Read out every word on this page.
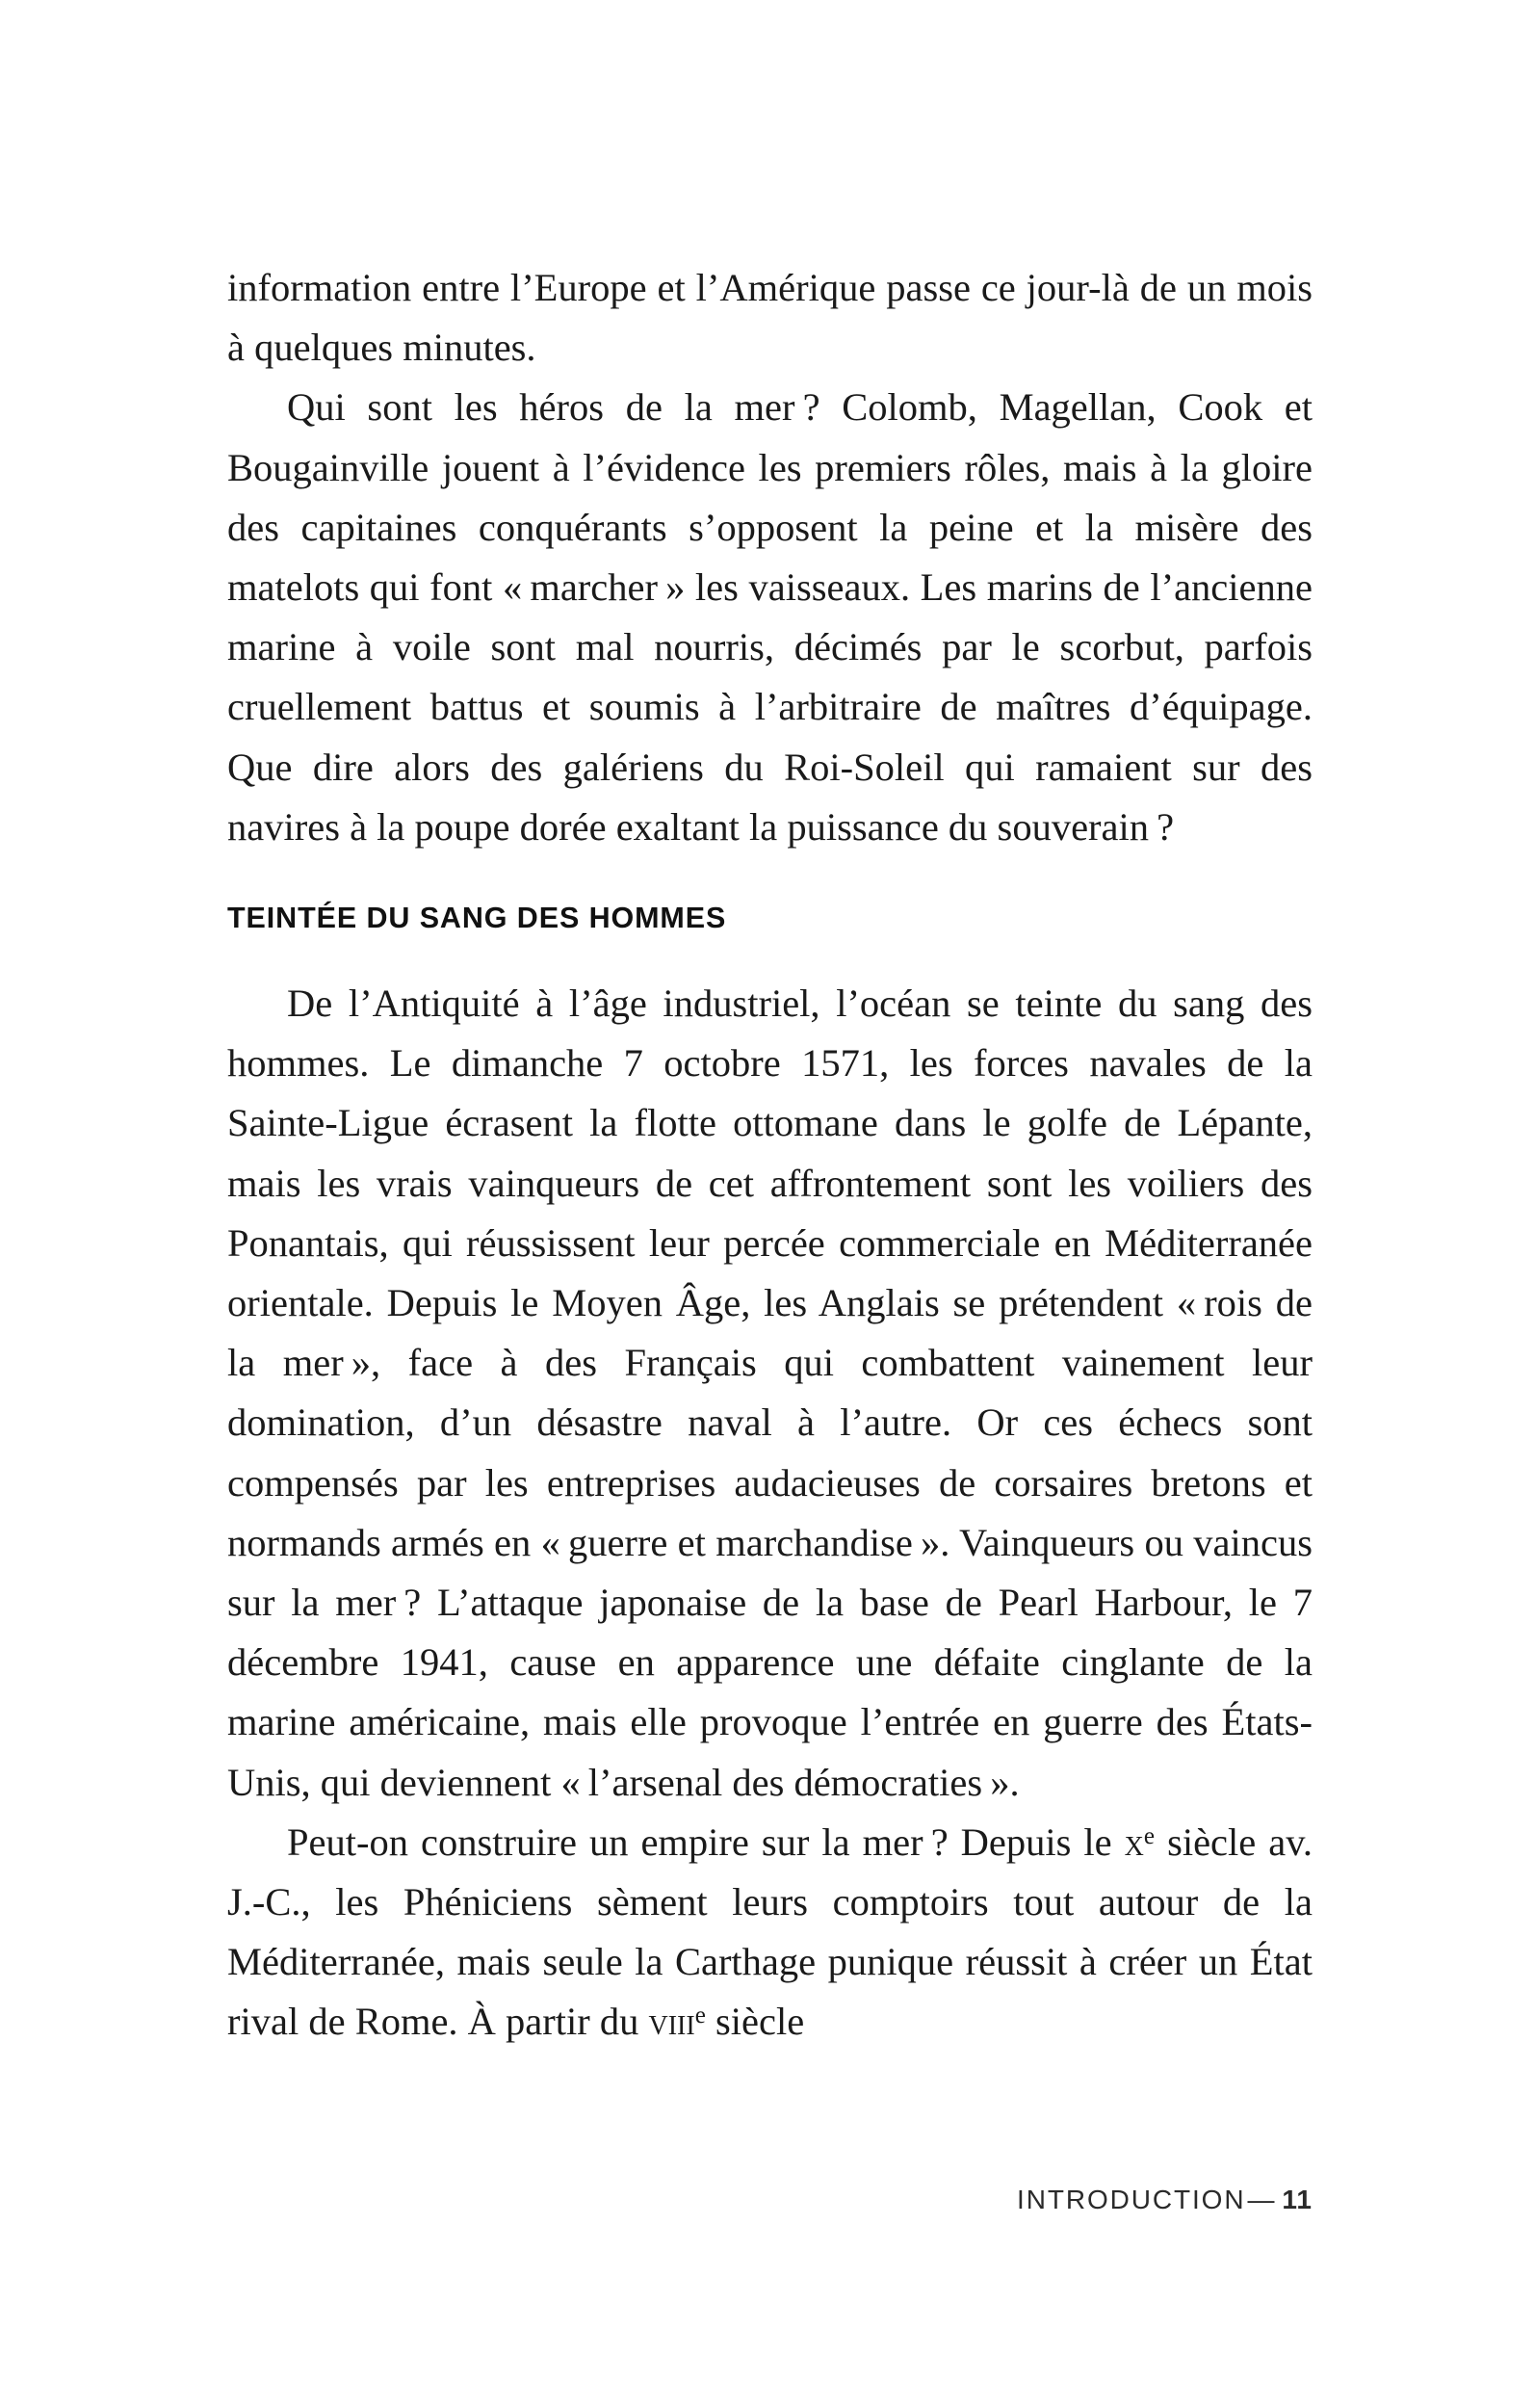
information entre l’Europe et l’Amérique passe ce jour-là de un mois à quelques minutes.

Qui sont les héros de la mer ? Colomb, Magellan, Cook et Bougainville jouent à l’évidence les premiers rôles, mais à la gloire des capitaines conquérants s’opposent la peine et la misère des matelots qui font « marcher » les vaisseaux. Les marins de l’ancienne marine à voile sont mal nourris, décimés par le scorbut, parfois cruellement battus et soumis à l’arbitraire de maîtres d’équipage. Que dire alors des galériens du Roi-Soleil qui ramaient sur des navires à la poupe dorée exaltant la puissance du souverain ?

TEINTÉE DU SANG DES HOMMES

De l’Antiquité à l’âge industriel, l’océan se teinte du sang des hommes. Le dimanche 7 octobre 1571, les forces navales de la Sainte-Ligue écrasent la flotte ottomane dans le golfe de Lépante, mais les vrais vainqueurs de cet affrontement sont les voiliers des Ponantais, qui réussissent leur percée commerciale en Méditerranée orientale. Depuis le Moyen Âge, les Anglais se prétendent « rois de la mer », face à des Français qui combattent vainement leur domination, d’un désastre naval à l’autre. Or ces échecs sont compensés par les entreprises audacieuses de corsaires bretons et normands armés en « guerre et marchandise ». Vainqueurs ou vaincus sur la mer ? L’attaque japonaise de la base de Pearl Harbour, le 7 décembre 1941, cause en apparence une défaite cinglante de la marine américaine, mais elle provoque l’entrée en guerre des États-Unis, qui deviennent « l’arsenal des démocraties ».

Peut-on construire un empire sur la mer ? Depuis le $x^e$ siècle av. J.-C., les Phéniciens sèment leurs comptoirs tout autour de la Méditerranée, mais seule la Carthage punique réussit à créer un État rival de Rome. À partir du viii$^e$ siècle

INTRODUCTION— 11
